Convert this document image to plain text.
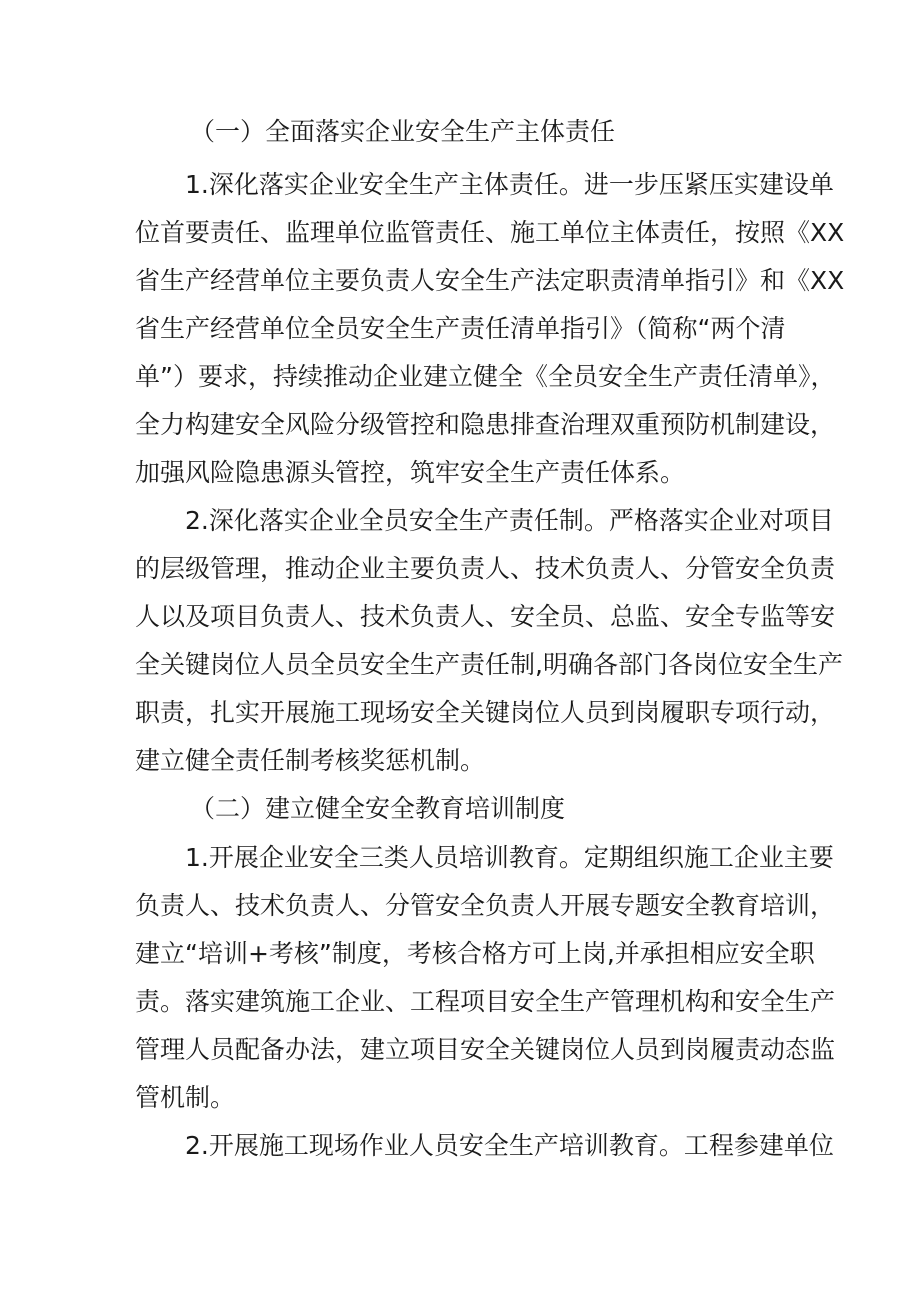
（一）全面落实企业安全生产主体责任
1.深化落实企业安全生产主体责任。进一步压紧压实建设单
位首要责任、监理单位监管责任、施工单位主体责任，按照《XX
省生产经营单位主要负责人安全生产法定职责清单指引》和《XX
省生产经营单位全员安全生产责任清单指引》（简称“两个清
单”）要求，持续推动企业建立健全《全员安全生产责任清单》，
全力构建安全风险分级管控和隐患排查治理双重预防机制建设，
加强风险隐患源头管控，筑牢安全生产责任体系。
2.深化落实企业全员安全生产责任制。严格落实企业对项目
的层级管理，推动企业主要负责人、技术负责人、分管安全负责
人以及项目负责人、技术负责人、安全员、总监、安全专监等安
全关键岗位人员全员安全生产责任制,明确各部门各岗位安全生产
职责，扎实开展施工现场安全关键岗位人员到岗履职专项行动，
建立健全责任制考核奖惩机制。
（二）建立健全安全教育培训制度
1.开展企业安全三类人员培训教育。定期组织施工企业主要
负责人、技术负责人、分管安全负责人开展专题安全教育培训，
建立“培训+考核”制度，考核合格方可上岗,并承担相应安全职
责。落实建筑施工企业、工程项目安全生产管理机构和安全生产
管理人员配备办法，建立项目安全关键岗位人员到岗履责动态监
管机制。
2.开展施工现场作业人员安全生产培训教育。工程参建单位
